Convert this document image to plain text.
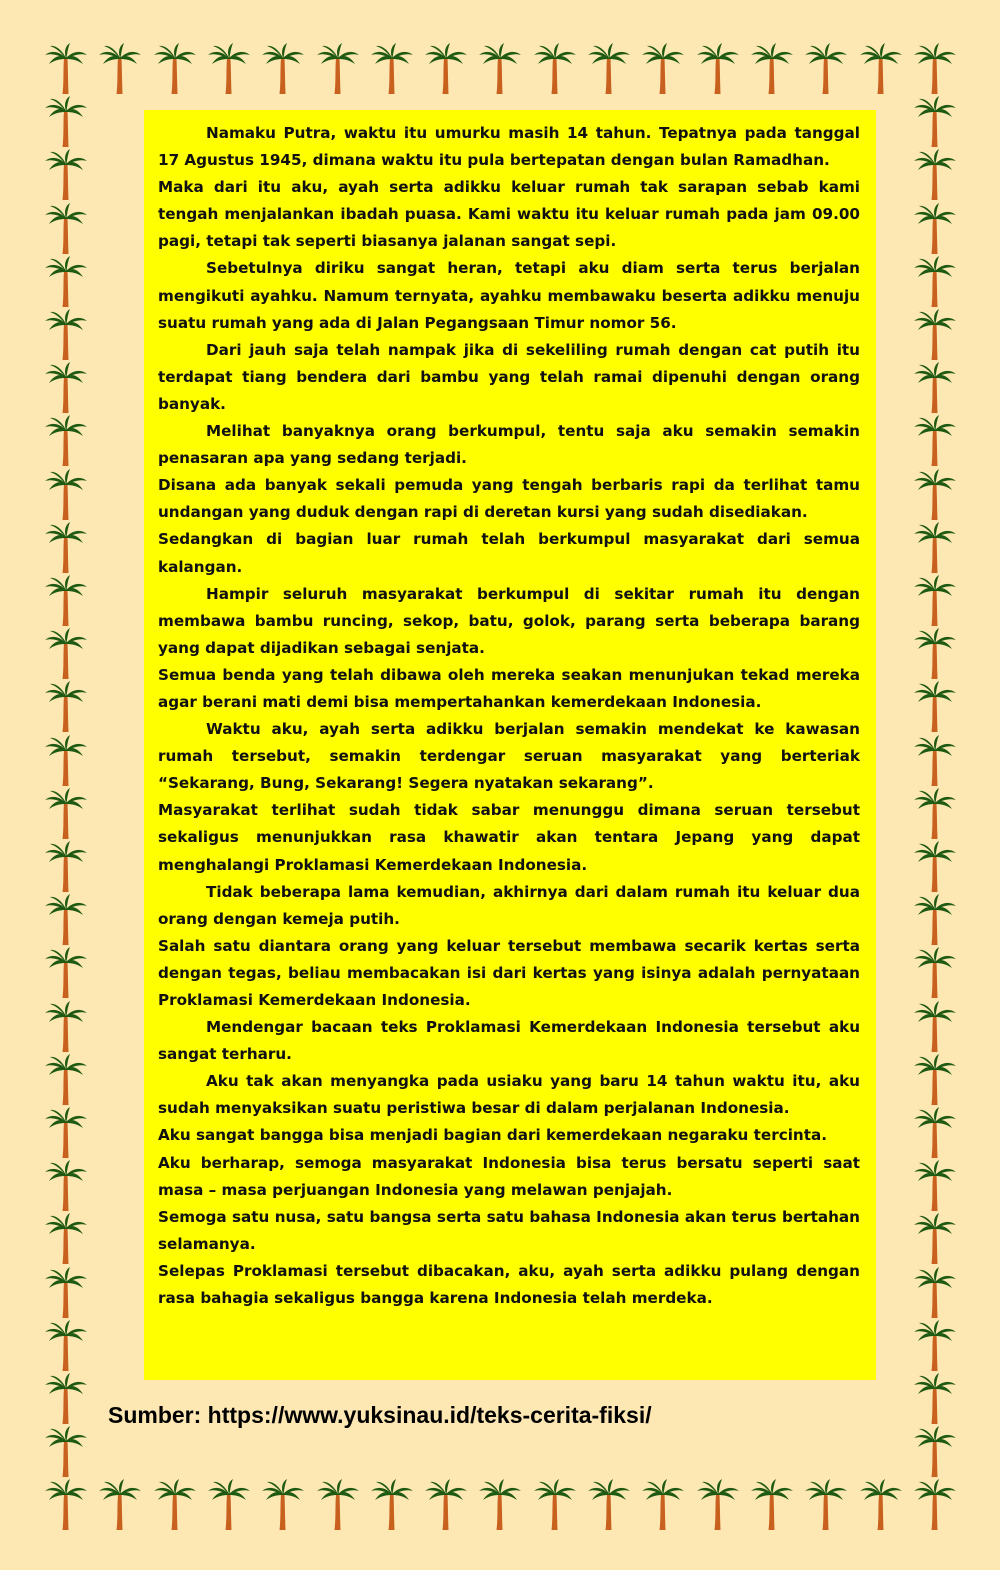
Namaku Putra, waktu itu umurku masih 14 tahun. Tepatnya pada tanggal 17 Agustus 1945, dimana waktu itu pula bertepatan dengan bulan Ramadhan.

Maka dari itu aku, ayah serta adikku keluar rumah tak sarapan sebab kami tengah menjalankan ibadah puasa. Kami waktu itu keluar rumah pada jam 09.00 pagi, tetapi tak seperti biasanya jalanan sangat sepi.

Sebetulnya diriku sangat heran, tetapi aku diam serta terus berjalan mengikuti ayahku. Namum ternyata, ayahku membawaku beserta adikku menuju suatu rumah yang ada di Jalan Pegangsaan Timur nomor 56.

Dari jauh saja telah nampak jika di sekeliling rumah dengan cat putih itu terdapat tiang bendera dari bambu yang telah ramai dipenuhi dengan orang banyak.

Melihat banyaknya orang berkumpul, tentu saja aku semakin semakin penasaran apa yang sedang terjadi.

Disana ada banyak sekali pemuda yang tengah berbaris rapi da terlihat tamu undangan yang duduk dengan rapi di deretan kursi yang sudah disediakan.

Sedangkan di bagian luar rumah telah berkumpul masyarakat dari semua kalangan.

Hampir seluruh masyarakat berkumpul di sekitar rumah itu dengan membawa bambu runcing, sekop, batu, golok, parang serta beberapa barang yang dapat dijadikan sebagai senjata.

Semua benda yang telah dibawa oleh mereka seakan menunjukan tekad mereka agar berani mati demi bisa mempertahankan kemerdekaan Indonesia.

Waktu aku, ayah serta adikku berjalan semakin mendekat ke kawasan rumah tersebut, semakin terdengar seruan masyarakat yang berteriak “Sekarang, Bung, Sekarang! Segera nyatakan sekarang”.

Masyarakat terlihat sudah tidak sabar menunggu dimana seruan tersebut sekaligus menunjukkan rasa khawatir akan tentara Jepang yang dapat menghalangi Proklamasi Kemerdekaan Indonesia.

Tidak beberapa lama kemudian, akhirnya dari dalam rumah itu keluar dua orang dengan kemeja putih.

Salah satu diantara orang yang keluar tersebut membawa secarik kertas serta dengan tegas, beliau membacakan isi dari kertas yang isinya adalah pernyataan Proklamasi Kemerdekaan Indonesia.

Mendengar bacaan teks Proklamasi Kemerdekaan Indonesia tersebut aku sangat terharu.

Aku tak akan menyangka pada usiaku yang baru 14 tahun waktu itu, aku sudah menyaksikan suatu peristiwa besar di dalam perjalanan Indonesia.

Aku sangat bangga bisa menjadi bagian dari kemerdekaan negaraku tercinta.

Aku berharap, semoga masyarakat Indonesia bisa terus bersatu seperti saat masa – masa perjuangan Indonesia yang melawan penjajah.

Semoga satu nusa, satu bangsa serta satu bahasa Indonesia akan terus bertahan selamanya.

Selepas Proklamasi tersebut dibacakan, aku, ayah serta adikku pulang dengan rasa bahagia sekaligus bangga karena Indonesia telah merdeka.

Sumber: https://www.yuksinau.id/teks-cerita-fiksi/
